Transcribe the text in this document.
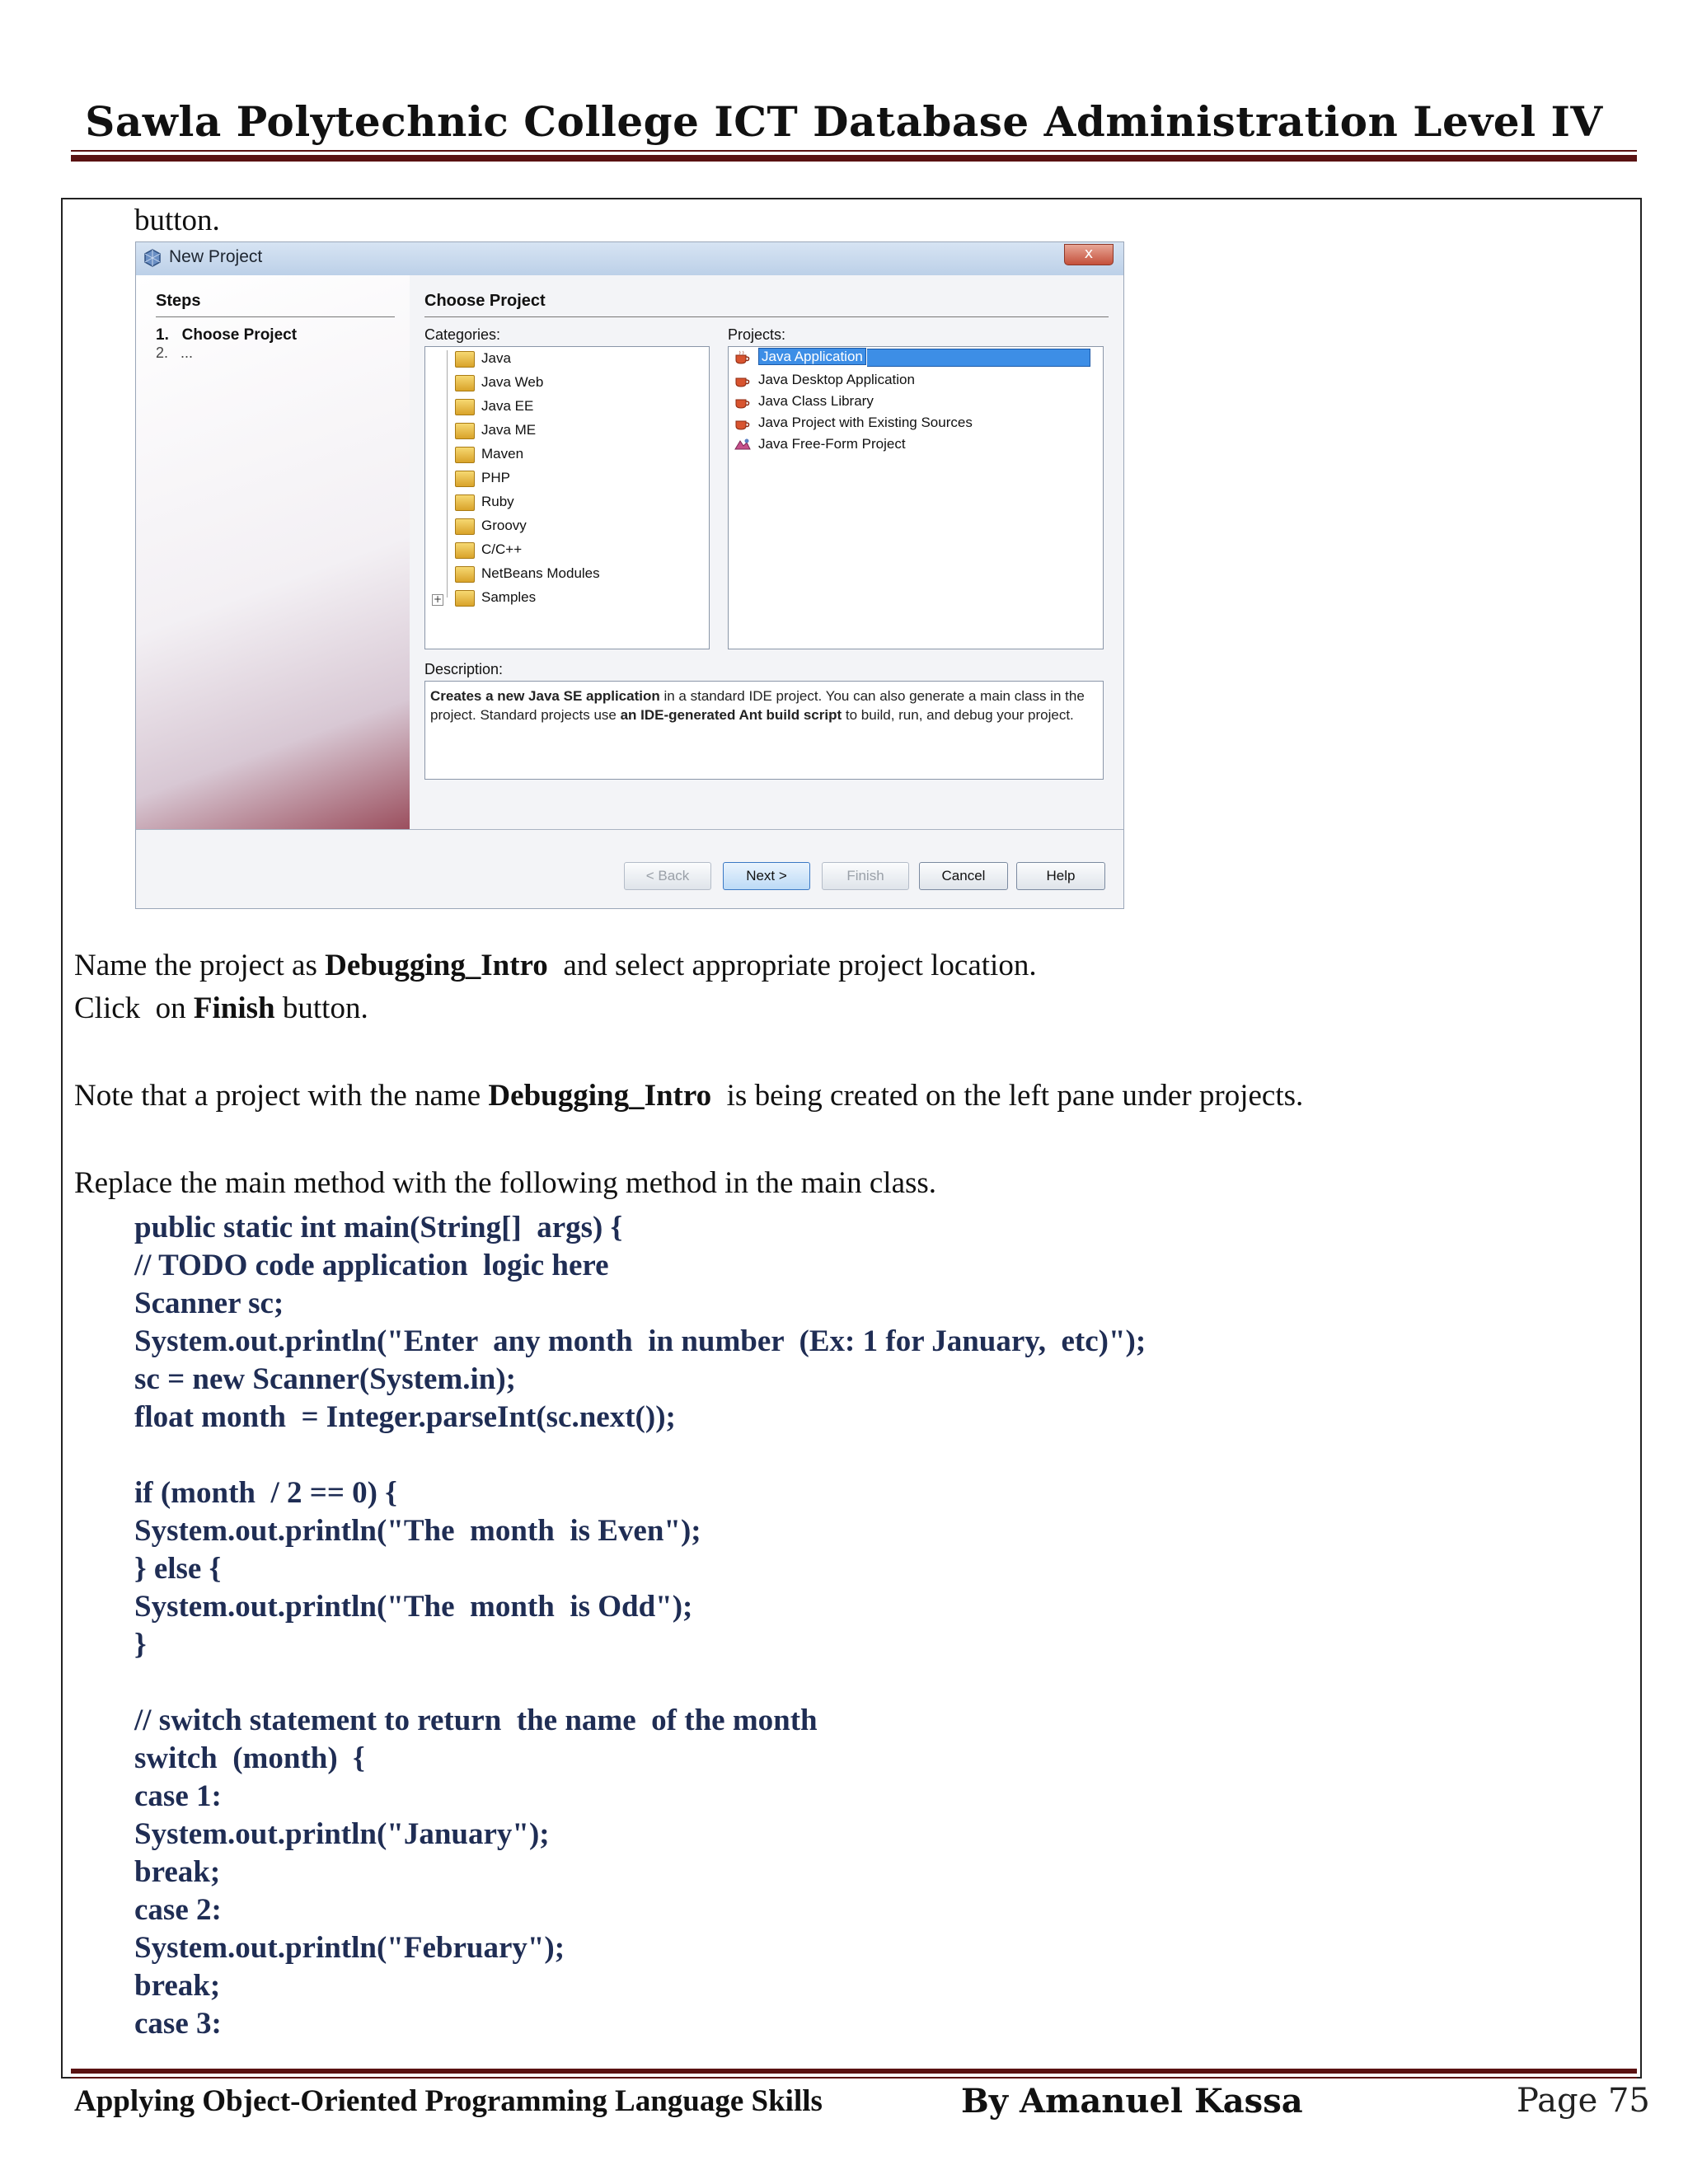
Sawla Polytechnic College ICT Database Administration Level IV
button.
New Project	x
Steps
1.   Choose Project
2.   ...
Choose Project
Categories:	Projects:
Java
Java Web
Java EE
Java ME
Maven
PHP
Ruby
Groovy
C/C++
NetBeans Modules
+	Samples
Java Application
Java Desktop Application
Java Class Library
Java Project with Existing Sources
Java Free-Form Project
Description:
Creates a new Java SE application in a standard IDE project. You can also generate a main class in the project. Standard projects use an IDE-generated Ant build script to build, run, and debug your project.
< Back	Next >	Finish	Cancel	Help
Name the project as Debugging_Intro  and select appropriate project location.
Click  on Finish button.
Note that a project with the name Debugging_Intro  is being created on the left pane under projects.
Replace the main method with the following method in the main class.
public static int main(String[]  args) {
// TODO code application  logic here
Scanner sc;
System.out.println("Enter  any month  in number  (Ex: 1 for January,  etc)");
sc = new Scanner(System.in);
float month  = Integer.parseInt(sc.next());
if (month  / 2 == 0) {
System.out.println("The  month  is Even");
} else {
System.out.println("The  month  is Odd");
}
// switch statement to return  the name  of the month
switch  (month)  {
case 1:
System.out.println("January");
break;
case 2:
System.out.println("February");
break;
case 3:
Applying Object-Oriented Programming Language Skills	By Amanuel Kassa	Page 75
